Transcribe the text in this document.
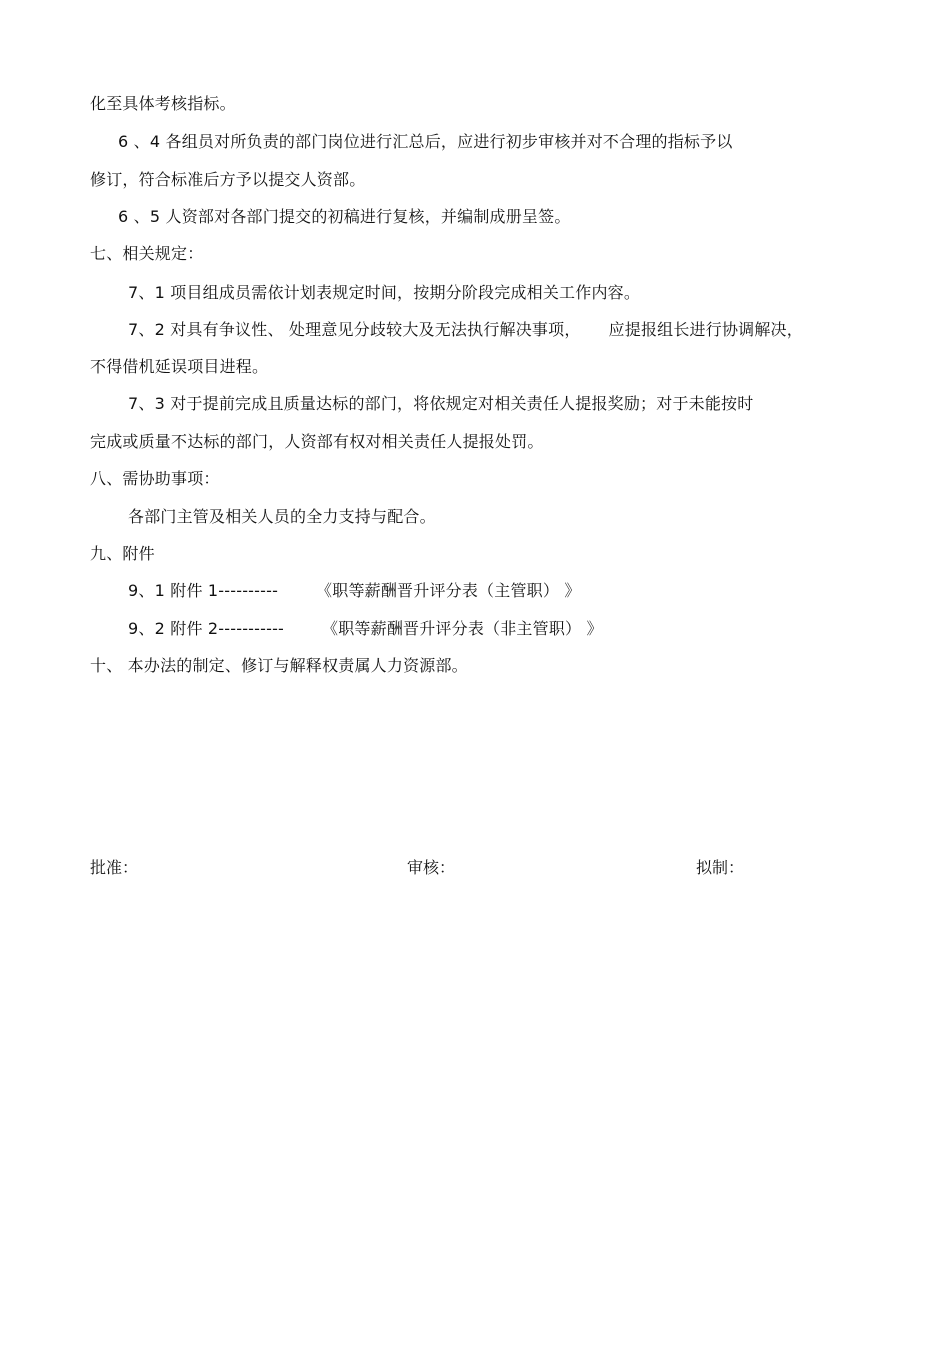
化至具体考核指标。
6 、4 各组员对所负责的部门岗位进行汇总后，应进行初步审核并对不合理的指标予以
修订，符合标准后方予以提交人资部。
6 、5 人资部对各部门提交的初稿进行复核，并编制成册呈签。
七、相关规定：
7、1 项目组成员需依计划表规定时间，按期分阶段完成相关工作内容。
7、2 对具有争议性、 处理意见分歧较大及无法执行解决事项， 应提报组长进行协调解决，
不得借机延误项目进程。
7、3 对于提前完成且质量达标的部门，将依规定对相关责任人提报奖励；对于未能按时
完成或质量不达标的部门，人资部有权对相关责任人提报处罚。
八、需协助事项：
各部门主管及相关人员的全力支持与配合。
九、附件
9、1 附件 1---------- 《职等薪酬晋升评分表（主管职） 》
9、2 附件 2----------- 《职等薪酬晋升评分表（非主管职） 》
十、 本办法的制定、修订与解释权责属人力资源部。
批准：	审核：	拟制：
